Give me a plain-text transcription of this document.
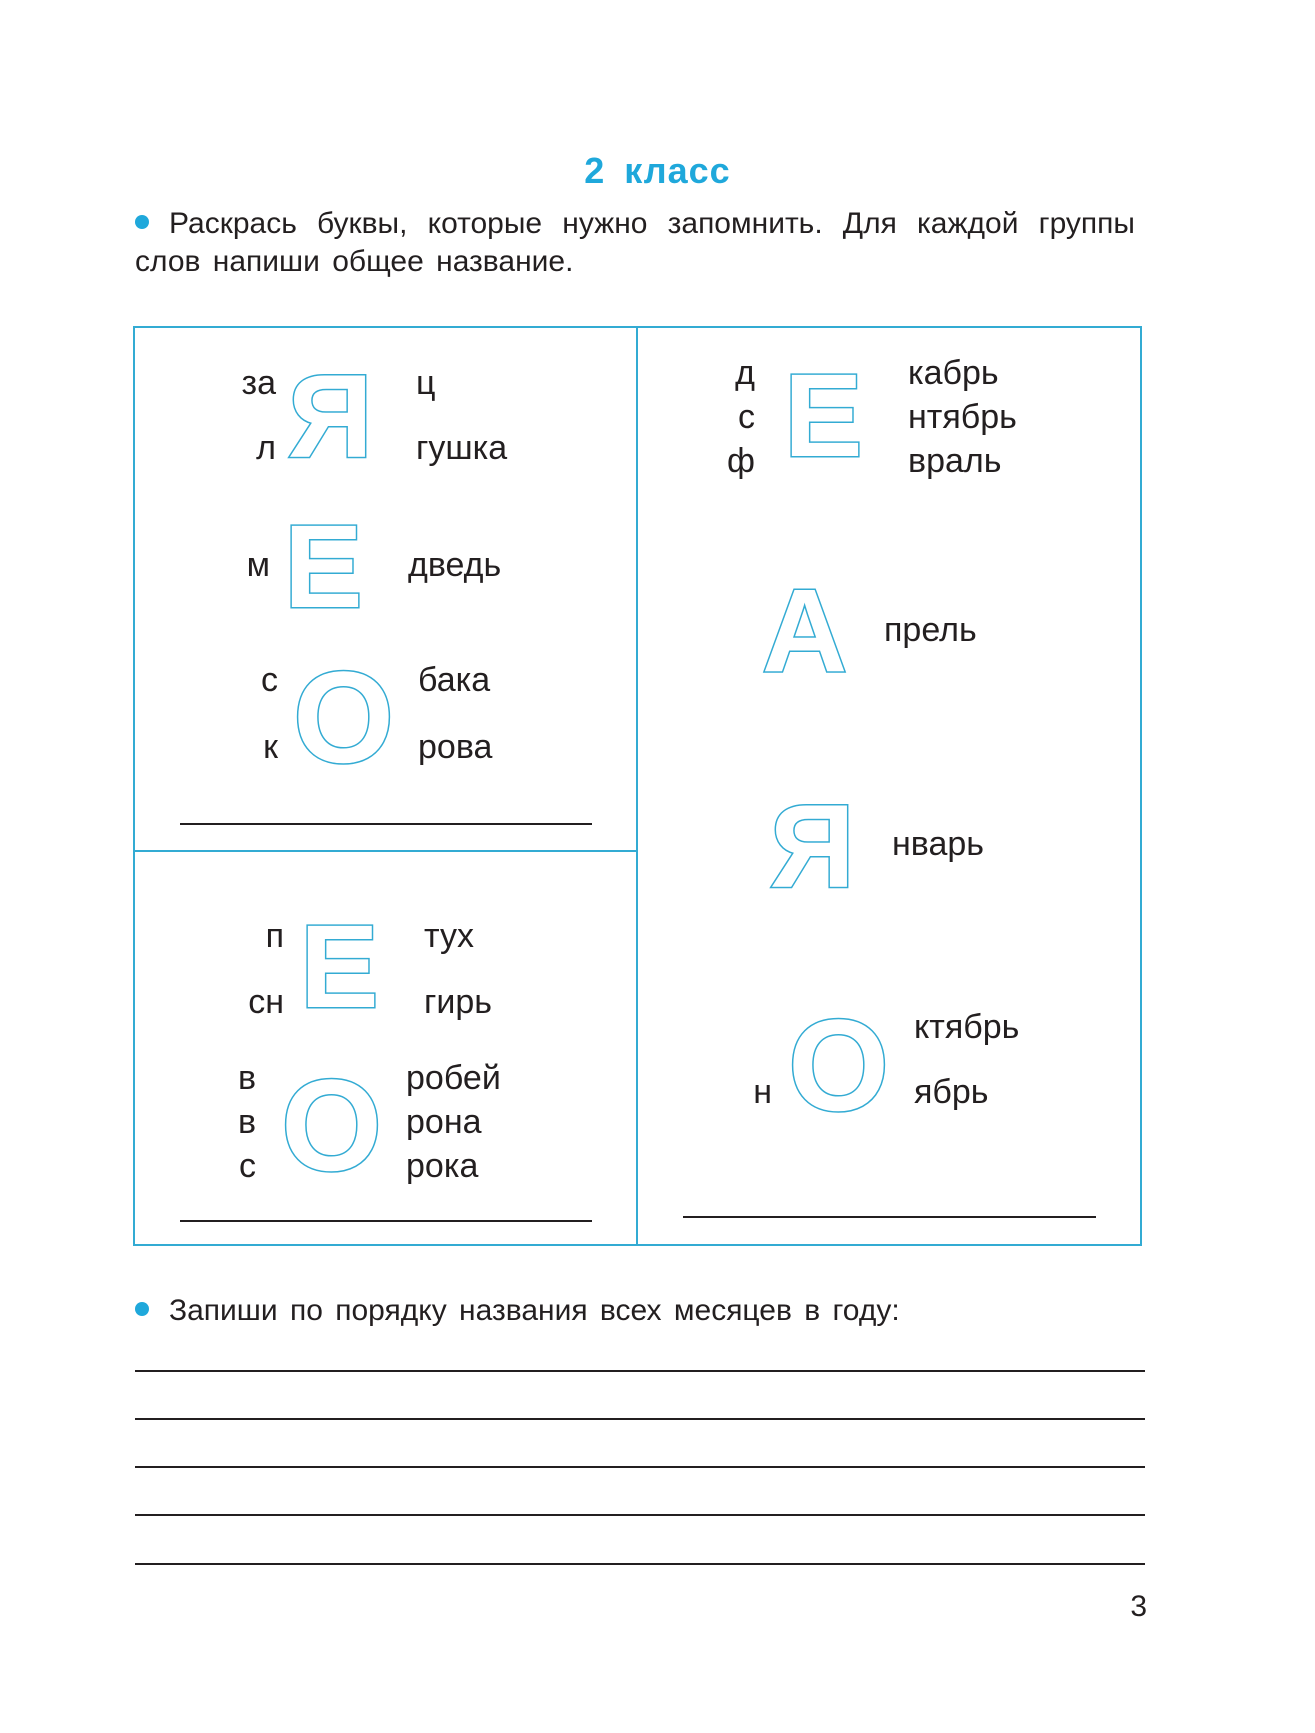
2 класс
Раскрась буквы, которые нужно запомнить. Для каждой группы слов напиши общее название.
за
л Я ц
гушка
м Е дведь
с
к О бака
рова
п
сн Е тух
гирь
в
в
с О робей
рона
рока
д
с
ф Е кабрь
нтябрь
враль
А прель
Я нварь
н О ктябрь
ябрь
Запиши по порядку названия всех месяцев в году:
3
